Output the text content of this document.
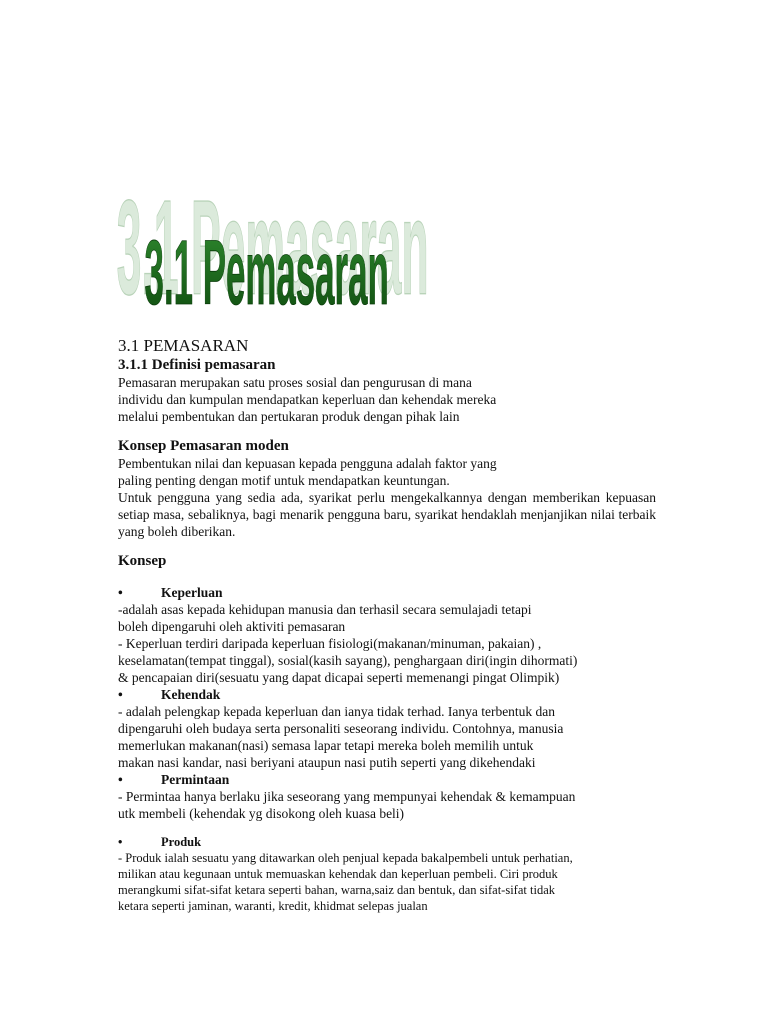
3.1 Pemasaran
3.1 Pemasaran
3.1 PEMASARAN
3.1.1 Definisi pemasaran
Pemasaran merupakan satu proses sosial dan pengurusan di mana
individu dan kumpulan mendapatkan keperluan dan kehendak mereka
melalui pembentukan dan pertukaran produk dengan pihak lain
Konsep Pemasaran moden
Pembentukan nilai dan kepuasan kepada pengguna adalah faktor yang
paling penting dengan motif untuk mendapatkan keuntungan.
Untuk pengguna yang sedia ada, syarikat perlu mengekalkannya dengan memberikan kepuasan setiap masa, sebaliknya, bagi menarik pengguna baru, syarikat hendaklah menjanjikan nilai terbaik yang boleh diberikan.
Konsep
•	Keperluan
-adalah asas kepada kehidupan manusia dan terhasil secara semulajadi tetapi
boleh dipengaruhi oleh aktiviti pemasaran
- Keperluan terdiri daripada keperluan fisiologi(makanan/minuman, pakaian) ,
keselamatan(tempat tinggal), sosial(kasih sayang), penghargaan diri(ingin dihormati)
& pencapaian diri(sesuatu yang dapat dicapai seperti memenangi pingat Olimpik)
•	Kehendak
- adalah pelengkap kepada keperluan dan ianya tidak terhad. Ianya terbentuk dan
dipengaruhi oleh budaya serta personaliti seseorang individu. Contohnya, manusia
memerlukan makanan(nasi) semasa lapar tetapi mereka boleh memilih untuk
makan nasi kandar, nasi beriyani ataupun nasi putih seperti yang dikehendaki
•	Permintaan
- Permintaa hanya berlaku jika seseorang yang mempunyai kehendak & kemampuan
utk membeli (kehendak yg disokong oleh kuasa beli)
•	Produk
- Produk ialah sesuatu yang ditawarkan oleh penjual kepada bakalpembeli untuk perhatian,
milikan atau kegunaan untuk memuaskan kehendak dan keperluan pembeli. Ciri produk
merangkumi sifat-sifat ketara seperti bahan, warna,saiz dan bentuk, dan sifat-sifat tidak
ketara seperti jaminan, waranti, kredit, khidmat selepas jualan
